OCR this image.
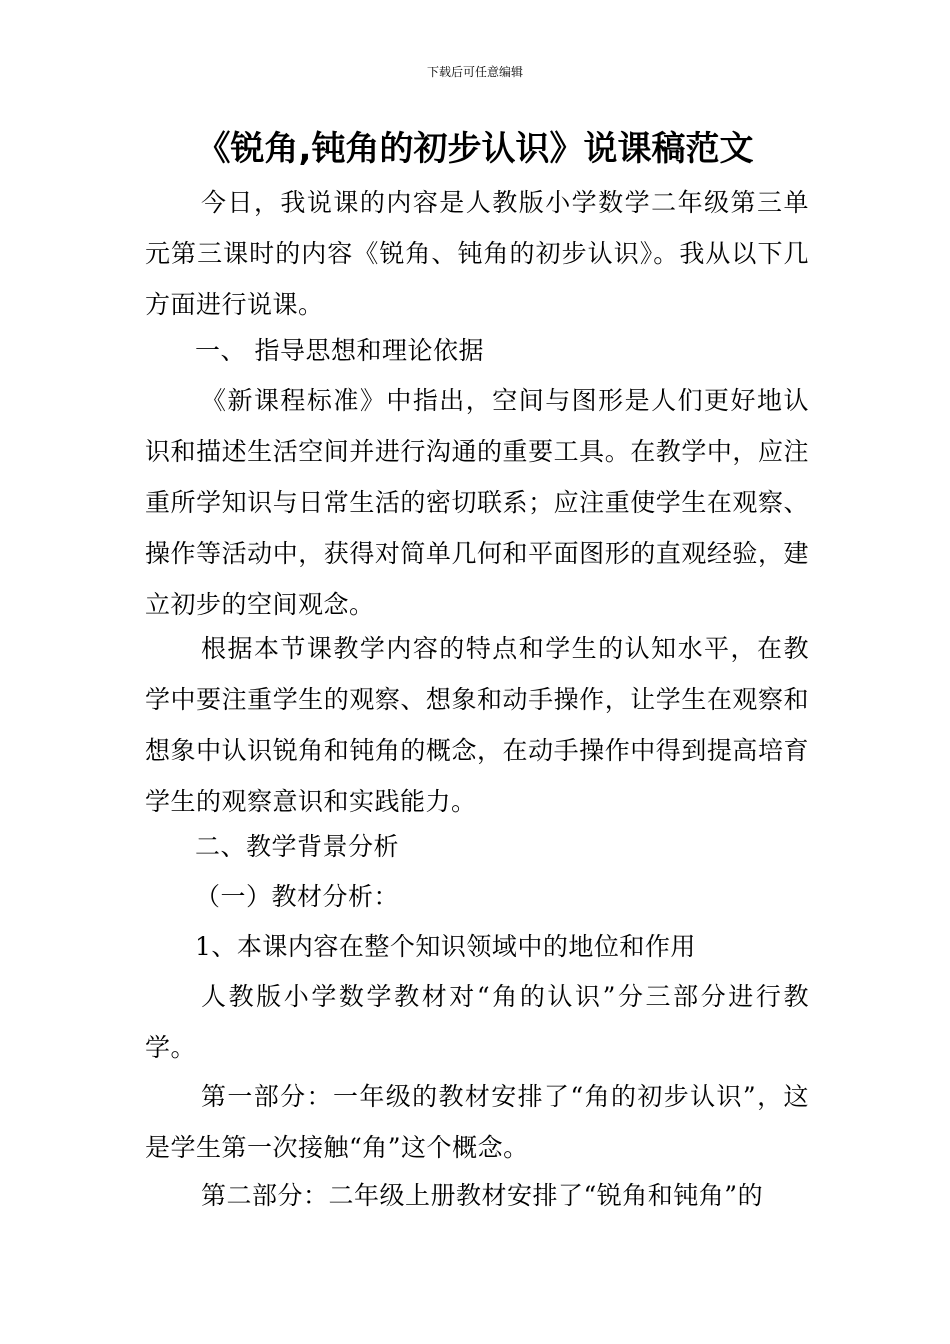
下载后可任意编辑
《锐角,钝角的初步认识》说课稿范文
今日，我说课的内容是人教版小学数学二年级第三单元第三课时的内容《锐角、钝角的初步认识》。我从以下几方面进行说课。
一、 指导思想和理论依据
《新课程标准》中指出，空间与图形是人们更好地认识和描述生活空间并进行沟通的重要工具。在教学中，应注重所学知识与日常生活的密切联系；应注重使学生在观察、操作等活动中，获得对简单几何和平面图形的直观经验，建立初步的空间观念。
根据本节课教学内容的特点和学生的认知水平，在教学中要注重学生的观察、想象和动手操作，让学生在观察和想象中认识锐角和钝角的概念，在动手操作中得到提高培育学生的观察意识和实践能力。
二、教学背景分析
（一）教材分析：
1、本课内容在整个知识领域中的地位和作用
人教版小学数学教材对“角的认识”分三部分进行教学。
第一部分：一年级的教材安排了“角的初步认识”，这是学生第一次接触“角”这个概念。
第二部分：二年级上册教材安排了“锐角和钝角”的
